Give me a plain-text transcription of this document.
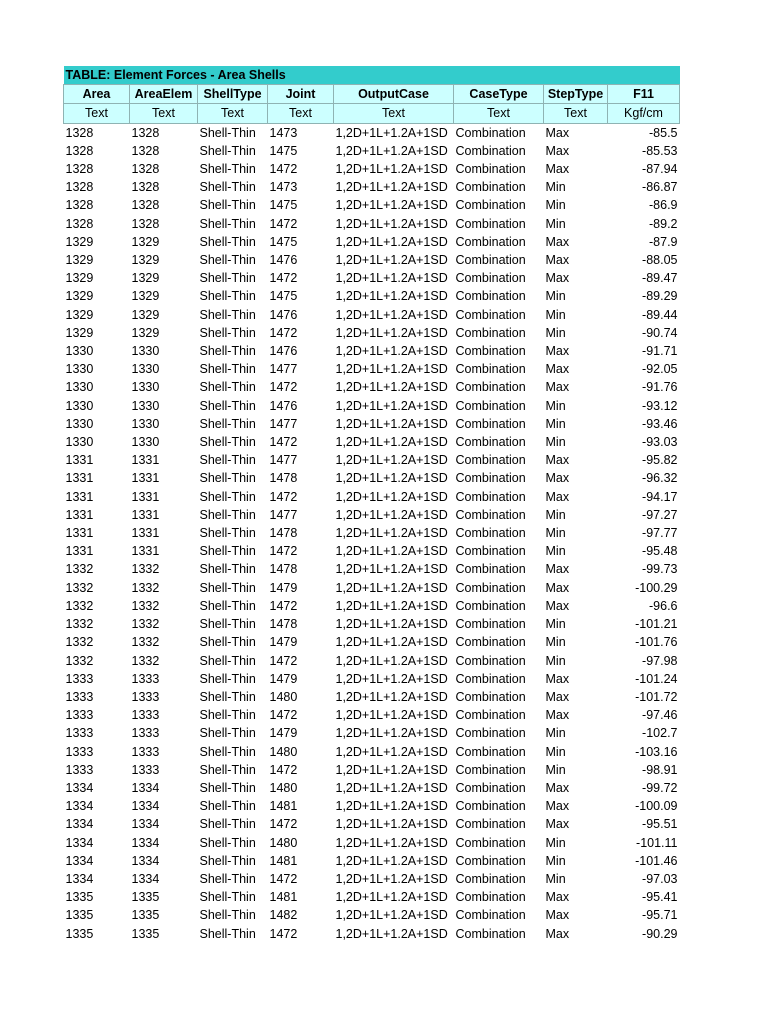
TABLE: Element Forces - Area Shells							
Area	AreaElem	ShellType	Joint	OutputCase	CaseType	StepType	F11
Text	Text	Text	Text	Text	Text	Text	Kgf/cm
1328	1328	Shell-Thin	1473	1,2D+1L+1.2A+1SD	Combination	Max	-85.5
1328	1328	Shell-Thin	1475	1,2D+1L+1.2A+1SD	Combination	Max	-85.53
1328	1328	Shell-Thin	1472	1,2D+1L+1.2A+1SD	Combination	Max	-87.94
1328	1328	Shell-Thin	1473	1,2D+1L+1.2A+1SD	Combination	Min	-86.87
1328	1328	Shell-Thin	1475	1,2D+1L+1.2A+1SD	Combination	Min	-86.9
1328	1328	Shell-Thin	1472	1,2D+1L+1.2A+1SD	Combination	Min	-89.2
1329	1329	Shell-Thin	1475	1,2D+1L+1.2A+1SD	Combination	Max	-87.9
1329	1329	Shell-Thin	1476	1,2D+1L+1.2A+1SD	Combination	Max	-88.05
1329	1329	Shell-Thin	1472	1,2D+1L+1.2A+1SD	Combination	Max	-89.47
1329	1329	Shell-Thin	1475	1,2D+1L+1.2A+1SD	Combination	Min	-89.29
1329	1329	Shell-Thin	1476	1,2D+1L+1.2A+1SD	Combination	Min	-89.44
1329	1329	Shell-Thin	1472	1,2D+1L+1.2A+1SD	Combination	Min	-90.74
1330	1330	Shell-Thin	1476	1,2D+1L+1.2A+1SD	Combination	Max	-91.71
1330	1330	Shell-Thin	1477	1,2D+1L+1.2A+1SD	Combination	Max	-92.05
1330	1330	Shell-Thin	1472	1,2D+1L+1.2A+1SD	Combination	Max	-91.76
1330	1330	Shell-Thin	1476	1,2D+1L+1.2A+1SD	Combination	Min	-93.12
1330	1330	Shell-Thin	1477	1,2D+1L+1.2A+1SD	Combination	Min	-93.46
1330	1330	Shell-Thin	1472	1,2D+1L+1.2A+1SD	Combination	Min	-93.03
1331	1331	Shell-Thin	1477	1,2D+1L+1.2A+1SD	Combination	Max	-95.82
1331	1331	Shell-Thin	1478	1,2D+1L+1.2A+1SD	Combination	Max	-96.32
1331	1331	Shell-Thin	1472	1,2D+1L+1.2A+1SD	Combination	Max	-94.17
1331	1331	Shell-Thin	1477	1,2D+1L+1.2A+1SD	Combination	Min	-97.27
1331	1331	Shell-Thin	1478	1,2D+1L+1.2A+1SD	Combination	Min	-97.77
1331	1331	Shell-Thin	1472	1,2D+1L+1.2A+1SD	Combination	Min	-95.48
1332	1332	Shell-Thin	1478	1,2D+1L+1.2A+1SD	Combination	Max	-99.73
1332	1332	Shell-Thin	1479	1,2D+1L+1.2A+1SD	Combination	Max	-100.29
1332	1332	Shell-Thin	1472	1,2D+1L+1.2A+1SD	Combination	Max	-96.6
1332	1332	Shell-Thin	1478	1,2D+1L+1.2A+1SD	Combination	Min	-101.21
1332	1332	Shell-Thin	1479	1,2D+1L+1.2A+1SD	Combination	Min	-101.76
1332	1332	Shell-Thin	1472	1,2D+1L+1.2A+1SD	Combination	Min	-97.98
1333	1333	Shell-Thin	1479	1,2D+1L+1.2A+1SD	Combination	Max	-101.24
1333	1333	Shell-Thin	1480	1,2D+1L+1.2A+1SD	Combination	Max	-101.72
1333	1333	Shell-Thin	1472	1,2D+1L+1.2A+1SD	Combination	Max	-97.46
1333	1333	Shell-Thin	1479	1,2D+1L+1.2A+1SD	Combination	Min	-102.7
1333	1333	Shell-Thin	1480	1,2D+1L+1.2A+1SD	Combination	Min	-103.16
1333	1333	Shell-Thin	1472	1,2D+1L+1.2A+1SD	Combination	Min	-98.91
1334	1334	Shell-Thin	1480	1,2D+1L+1.2A+1SD	Combination	Max	-99.72
1334	1334	Shell-Thin	1481	1,2D+1L+1.2A+1SD	Combination	Max	-100.09
1334	1334	Shell-Thin	1472	1,2D+1L+1.2A+1SD	Combination	Max	-95.51
1334	1334	Shell-Thin	1480	1,2D+1L+1.2A+1SD	Combination	Min	-101.11
1334	1334	Shell-Thin	1481	1,2D+1L+1.2A+1SD	Combination	Min	-101.46
1334	1334	Shell-Thin	1472	1,2D+1L+1.2A+1SD	Combination	Min	-97.03
1335	1335	Shell-Thin	1481	1,2D+1L+1.2A+1SD	Combination	Max	-95.41
1335	1335	Shell-Thin	1482	1,2D+1L+1.2A+1SD	Combination	Max	-95.71
1335	1335	Shell-Thin	1472	1,2D+1L+1.2A+1SD	Combination	Max	-90.29
